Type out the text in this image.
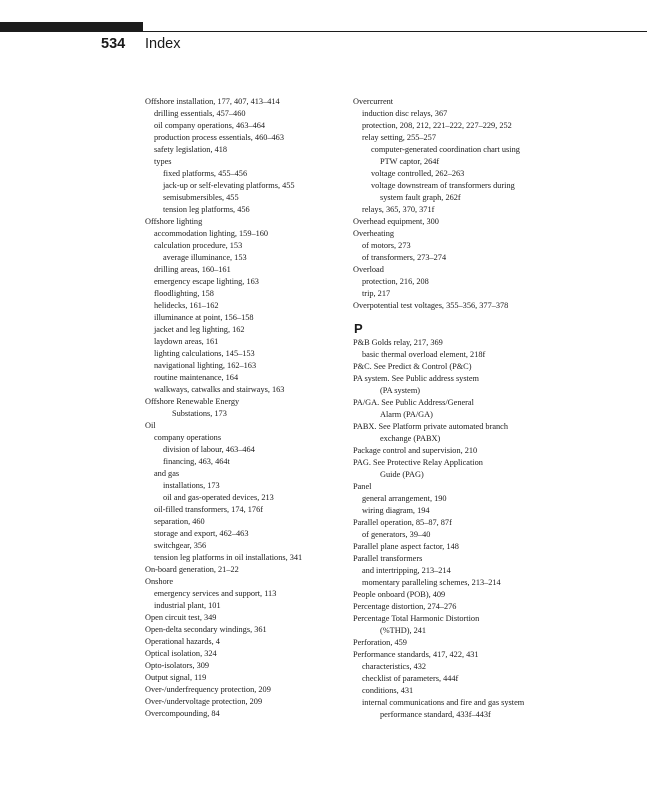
534 Index
Offshore installation, 177, 407, 413–414
drilling essentials, 457–460
oil company operations, 463–464
production process essentials, 460–463
safety legislation, 418
types
fixed platforms, 455–456
jack-up or self-elevating platforms, 455
semisubmersibles, 455
tension leg platforms, 456
Offshore lighting
accommodation lighting, 159–160
calculation procedure, 153
average illuminance, 153
drilling areas, 160–161
emergency escape lighting, 163
floodlighting, 158
helidecks, 161–162
illuminance at point, 156–158
jacket and leg lighting, 162
laydown areas, 161
lighting calculations, 145–153
navigational lighting, 162–163
routine maintenance, 164
walkways, catwalks and stairways, 163
Offshore Renewable Energy
Substations, 173
Oil
company operations
division of labour, 463–464
financing, 463, 464t
and gas
installations, 173
oil and gas-operated devices, 213
oil-filled transformers, 174, 176f
separation, 460
storage and export, 462–463
switchgear, 356
tension leg platforms in oil installations, 341
On-board generation, 21–22
Onshore
emergency services and support, 113
industrial plant, 101
Open circuit test, 349
Open-delta secondary windings, 361
Operational hazards, 4
Optical isolation, 324
Opto-isolators, 309
Output signal, 119
Over-/underfrequency protection, 209
Over-/undervoltage protection, 209
Overcompounding, 84
Overcurrent
induction disc relays, 367
protection, 208, 212, 221–222, 227–229, 252
relay setting, 255–257
computer-generated coordination chart using
PTW captor, 264f
voltage controlled, 262–263
voltage downstream of transformers during
system fault graph, 262f
relays, 365, 370, 371f
Overhead equipment, 300
Overheating
of motors, 273
of transformers, 273–274
Overload
protection, 216, 208
trip, 217
Overpotential test voltages, 355–356, 377–378
P
P&B Golds relay, 217, 369
basic thermal overload element, 218f
P&C. See Predict & Control (P&C)
PA system. See Public address system
(PA system)
PA/GA. See Public Address/General
Alarm (PA/GA)
PABX. See Platform private automated branch
exchange (PABX)
Package control and supervision, 210
PAG. See Protective Relay Application
Guide (PAG)
Panel
general arrangement, 190
wiring diagram, 194
Parallel operation, 85–87, 87f
of generators, 39–40
Parallel plane aspect factor, 148
Parallel transformers
and intertripping, 213–214
momentary paralleling schemes, 213–214
People onboard (POB), 409
Percentage distortion, 274–276
Percentage Total Harmonic Distortion
(%THD), 241
Perforation, 459
Performance standards, 417, 422, 431
characteristics, 432
checklist of parameters, 444f
conditions, 431
internal communications and fire and gas system
performance standard, 433f–443f
